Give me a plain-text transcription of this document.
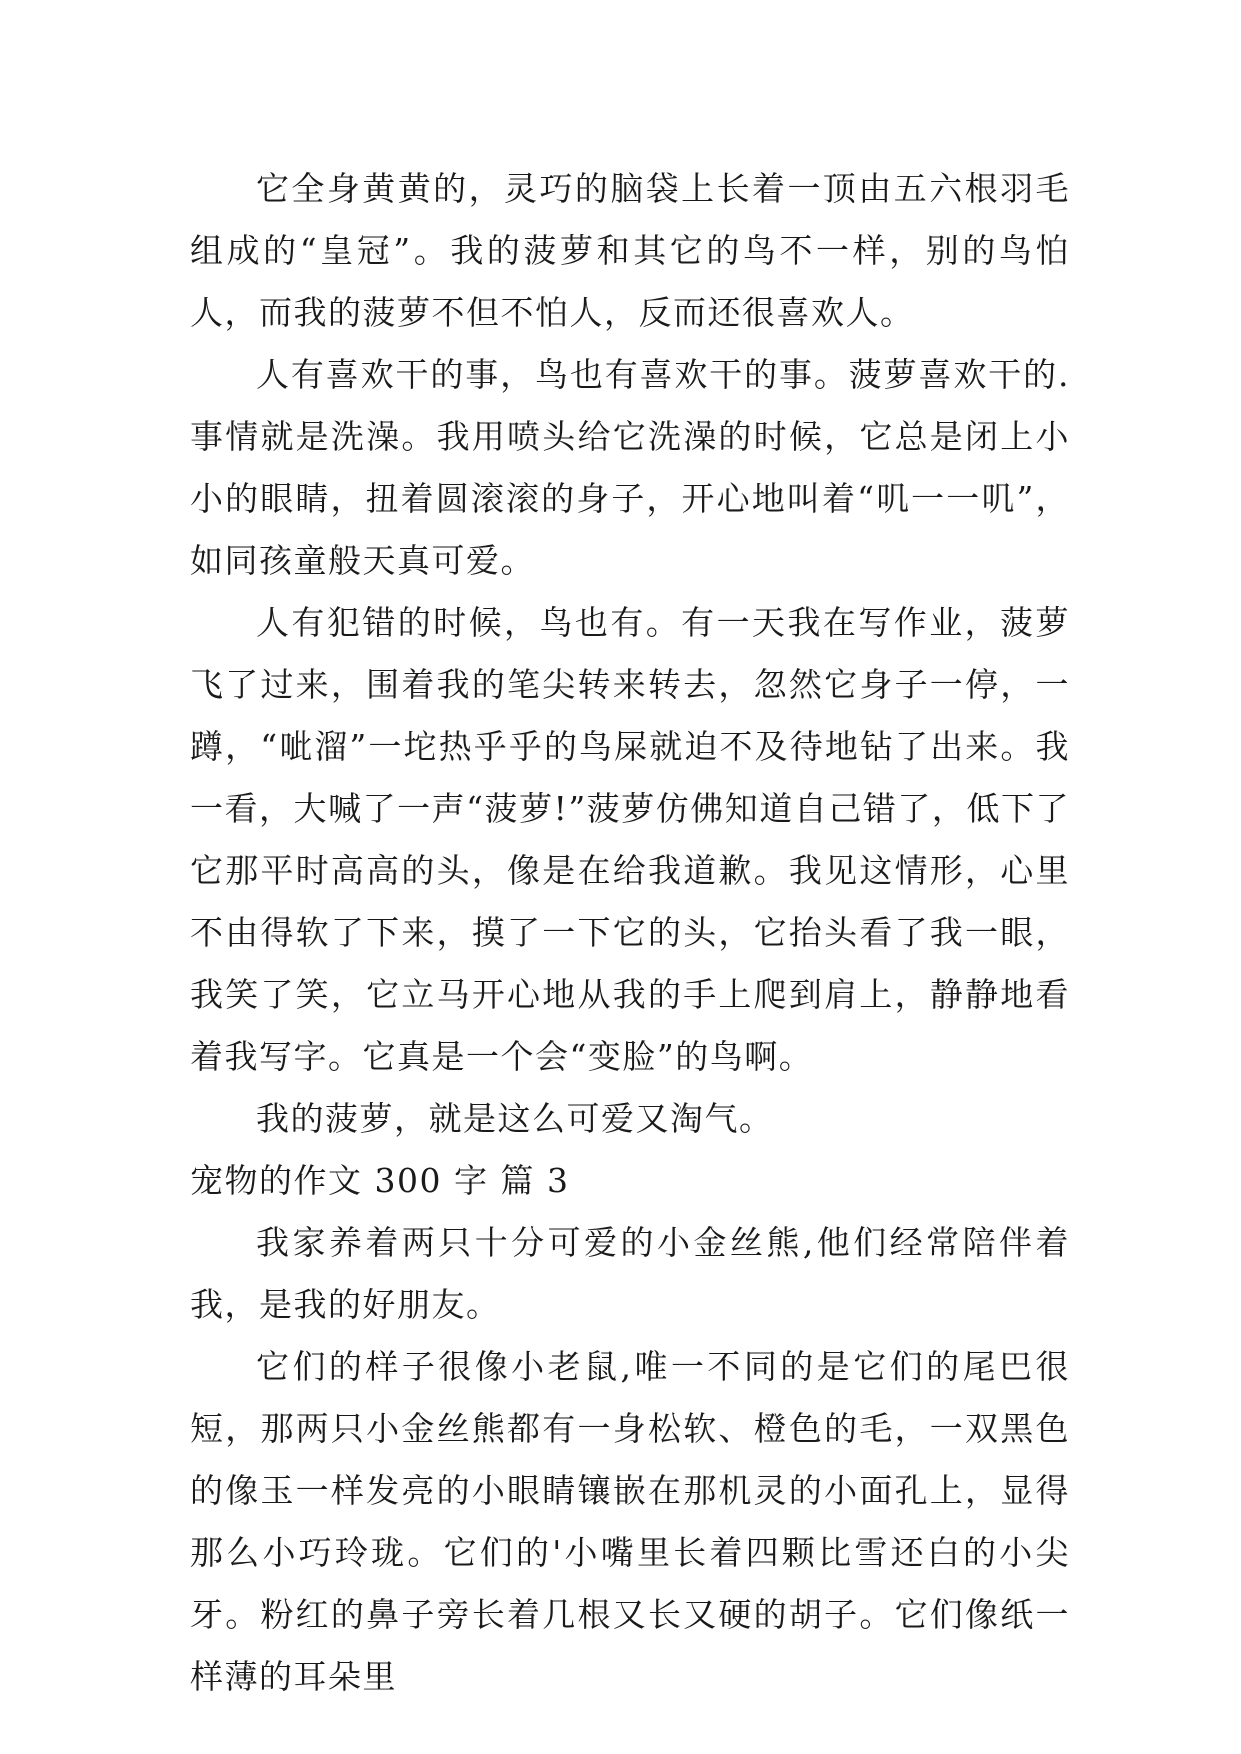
它全身黄黄的，灵巧的脑袋上长着一顶由五六根羽毛组成的“皇冠”。我的菠萝和其它的鸟不一样，别的鸟怕人，而我的菠萝不但不怕人，反而还很喜欢人。

人有喜欢干的事，鸟也有喜欢干的事。菠萝喜欢干的.事情就是洗澡。我用喷头给它洗澡的时候，它总是闭上小小的眼睛，扭着圆滚滚的身子，开心地叫着“叽一一叽”，如同孩童般天真可爱。

人有犯错的时候，鸟也有。有一天我在写作业，菠萝飞了过来，围着我的笔尖转来转去，忽然它身子一停，一蹲，“呲溜”一坨热乎乎的鸟屎就迫不及待地钻了出来。我一看，大喊了一声“菠萝!”菠萝仿佛知道自己错了，低下了它那平时高高的头，像是在给我道歉。我见这情形，心里不由得软了下来，摸了一下它的头，它抬头看了我一眼，我笑了笑，它立马开心地从我的手上爬到肩上，静静地看着我写字。它真是一个会“变脸”的鸟啊。

我的菠萝，就是这么可爱又淘气。

宠物的作文 300 字 篇 3

我家养着两只十分可爱的小金丝熊,他们经常陪伴着我，是我的好朋友。

它们的样子很像小老鼠,唯一不同的是它们的尾巴很短，那两只小金丝熊都有一身松软、橙色的毛，一双黑色的像玉一样发亮的小眼睛镶嵌在那机灵的小面孔上，显得那么小巧玲珑。它们的'小嘴里长着四颗比雪还白的小尖牙。粉红的鼻子旁长着几根又长又硬的胡子。它们像纸一样薄的耳朵里
